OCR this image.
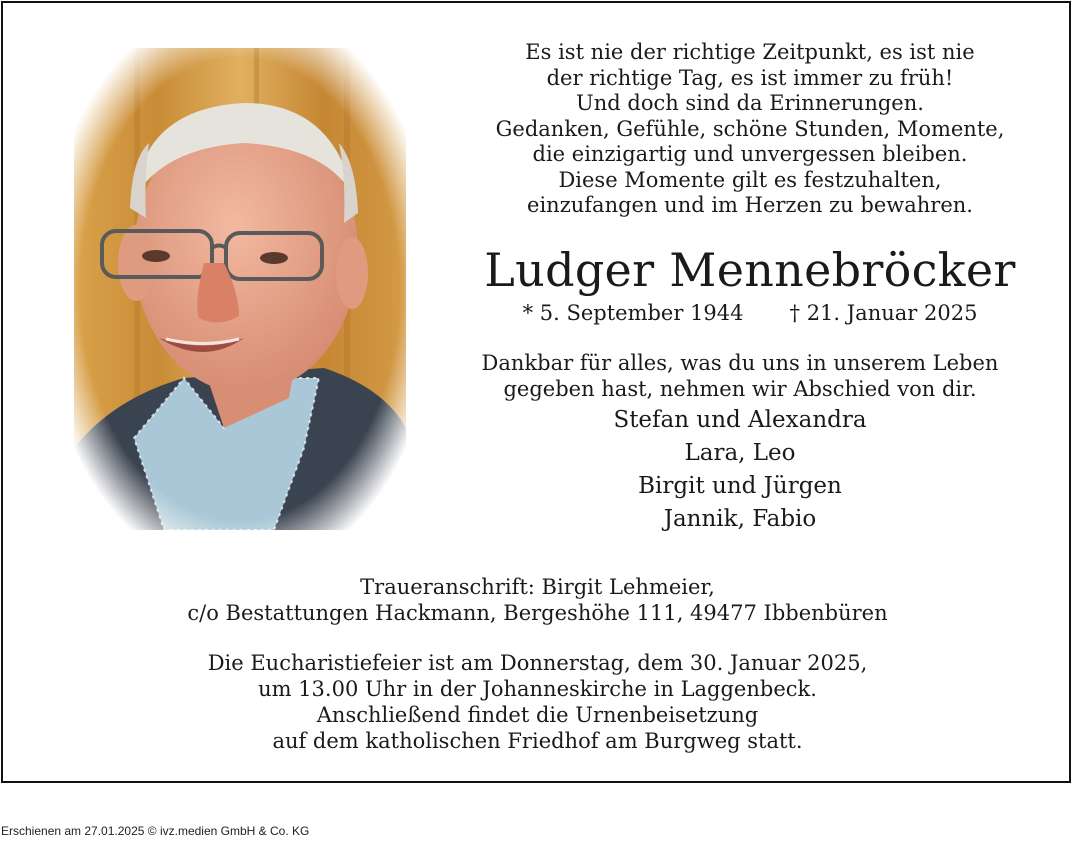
Es ist nie der richtige Zeitpunkt, es ist nie
der richtige Tag, es ist immer zu früh!
Und doch sind da Erinnerungen.
Gedanken, Gefühle, schöne Stunden, Momente,
die einzigartig und unvergessen bleiben.
Diese Momente gilt es festzuhalten,
einzufangen und im Herzen zu bewahren.
Ludger Mennebröcker
* 5. September 1944 † 21. Januar 2025
Dankbar für alles, was du uns in unserem Leben
gegeben hast, nehmen wir Abschied von dir.
Stefan und Alexandra
Lara, Leo
Birgit und Jürgen
Jannik, Fabio
Traueranschrift: Birgit Lehmeier,
c/o Bestattungen Hackmann, Bergeshöhe 111, 49477 Ibbenbüren
Die Eucharistiefeier ist am Donnerstag, dem 30. Januar 2025,
um 13.00 Uhr in der Johanneskirche in Laggenbeck.
Anschließend findet die Urnenbeisetzung
auf dem katholischen Friedhof am Burgweg statt.
Erschienen am 27.01.2025 © ivz.medien GmbH & Co. KG
